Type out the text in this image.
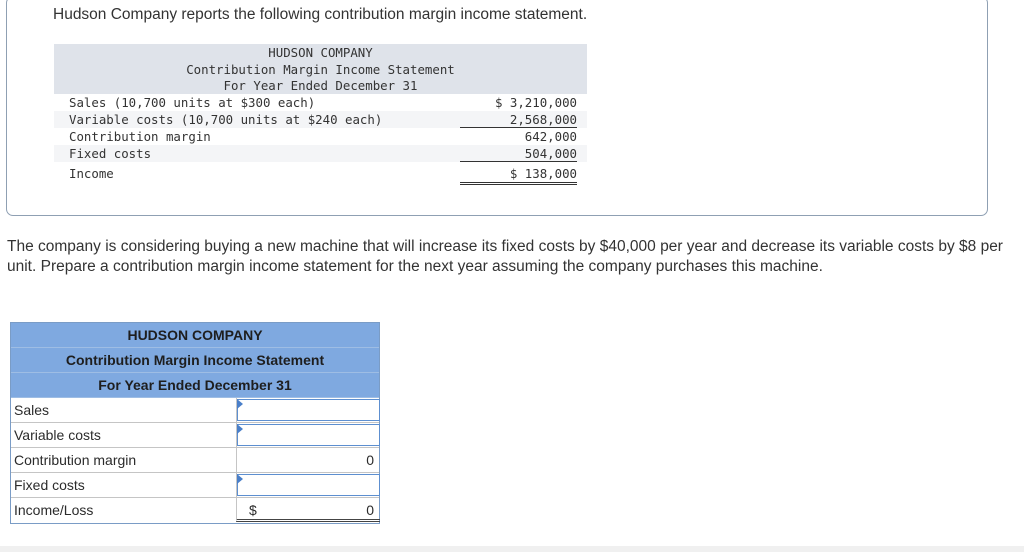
Hudson Company reports the following contribution margin income statement.
HUDSON COMPANY
Contribution Margin Income Statement
For Year Ended December 31
Sales (10,700 units at $300 each)	$ 3,210,000
Variable costs (10,700 units at $240 each)	2,568,000
Contribution margin	642,000
Fixed costs	504,000
Income	$ 138,000
The company is considering buying a new machine that will increase its fixed costs by $40,000 per year and decrease its variable costs by $8 per unit. Prepare a contribution margin income statement for the next year assuming the company purchases this machine.
HUDSON COMPANY
Contribution Margin Income Statement
For Year Ended December 31
Sales
Variable costs
Contribution margin	0
Fixed costs
Income/Loss	$	0
